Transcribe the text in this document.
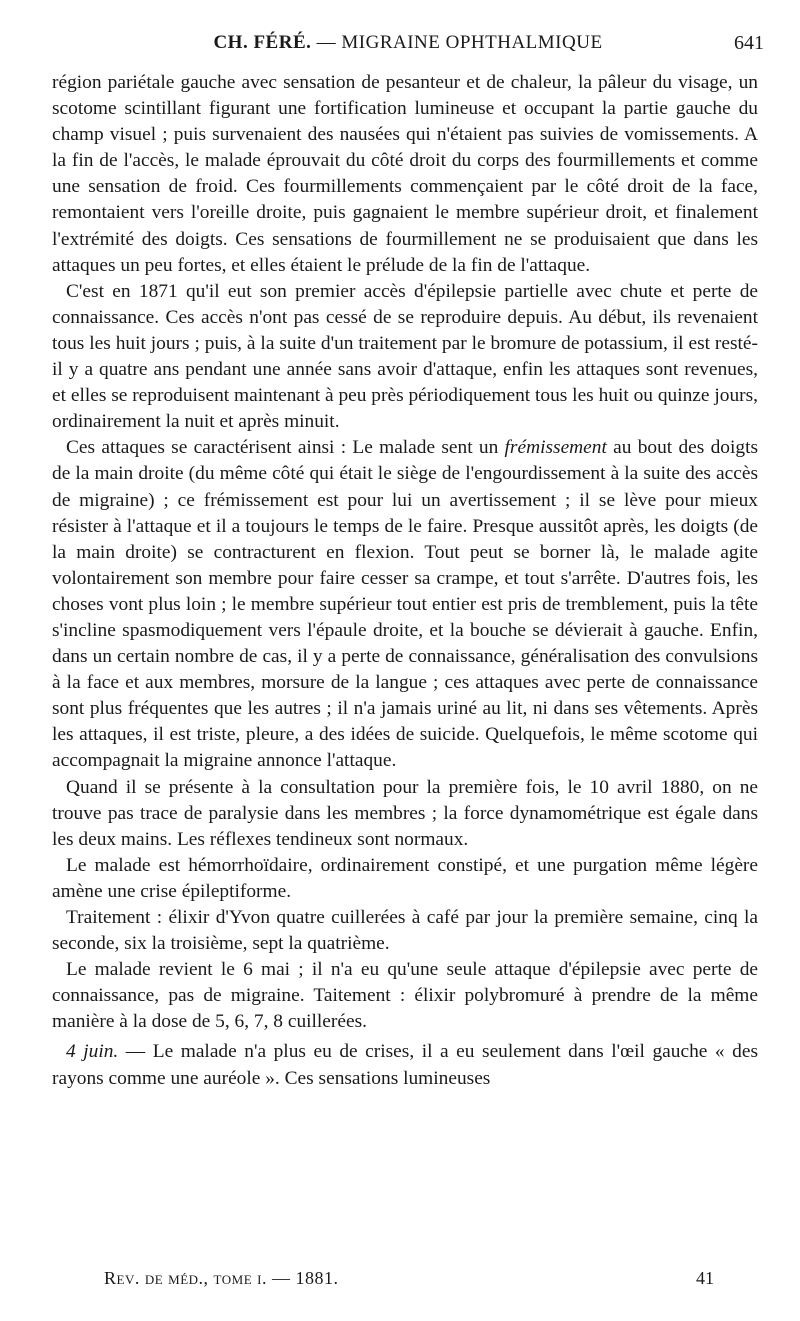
CH. FÉRÉ. — MIGRAINE OPHTHALMIQUE	641

région pariétale gauche avec sensation de pesanteur et de chaleur, la pâleur du visage, un scotome scintillant figurant une fortification lumineuse et occupant la partie gauche du champ visuel ; puis survenaient des nausées qui n'étaient pas suivies de vomissements. A la fin de l'accès, le malade éprouvait du côté droit du corps des fourmillements et comme une sensation de froid. Ces fourmillements commençaient par le côté droit de la face, remontaient vers l'oreille droite, puis gagnaient le membre supérieur droit, et finalement l'extrémité des doigts. Ces sensations de fourmillement ne se produisaient que dans les attaques un peu fortes, et elles étaient le prélude de la fin de l'attaque.

C'est en 1871 qu'il eut son premier accès d'épilepsie partielle avec chute et perte de connaissance. Ces accès n'ont pas cessé de se reproduire depuis. Au début, ils revenaient tous les huit jours ; puis, à la suite d'un traitement par le bromure de potassium, il est resté-il y a quatre ans pendant une année sans avoir d'attaque, enfin les attaques sont revenues, et elles se reproduisent maintenant à peu près périodiquement tous les huit ou quinze jours, ordinairement la nuit et après minuit.

Ces attaques se caractérisent ainsi : Le malade sent un frémissement au bout des doigts de la main droite (du même côté qui était le siège de l'engourdissement à la suite des accès de migraine) ; ce frémissement est pour lui un avertissement ; il se lève pour mieux résister à l'attaque et il a toujours le temps de le faire. Presque aussitôt après, les doigts (de la main droite) se contracturent en flexion. Tout peut se borner là, le malade agite volontairement son membre pour faire cesser sa crampe, et tout s'arrête. D'autres fois, les choses vont plus loin ; le membre supérieur tout entier est pris de tremblement, puis la tête s'incline spasmodiquement vers l'épaule droite, et la bouche se dévierait à gauche. Enfin, dans un certain nombre de cas, il y a perte de connaissance, généralisation des convulsions à la face et aux membres, morsure de la langue ; ces attaques avec perte de connaissance sont plus fréquentes que les autres ; il n'a jamais uriné au lit, ni dans ses vêtements. Après les attaques, il est triste, pleure, a des idées de suicide. Quelquefois, le même scotome qui accompagnait la migraine annonce l'attaque.

Quand il se présente à la consultation pour la première fois, le 10 avril 1880, on ne trouve pas trace de paralysie dans les membres ; la force dynamométrique est égale dans les deux mains. Les réflexes tendineux sont normaux.

Le malade est hémorrhoïdaire, ordinairement constipé, et une purgation même légère amène une crise épileptiforme.

Traitement : élixir d'Yvon quatre cuillerées à café par jour la première semaine, cinq la seconde, six la troisième, sept la quatrième.

Le malade revient le 6 mai ; il n'a eu qu'une seule attaque d'épilepsie avec perte de connaissance, pas de migraine. Taitement : élixir polybromuré à prendre de la même manière à la dose de 5, 6, 7, 8 cuillerées.

4 juin. — Le malade n'a plus eu de crises, il a eu seulement dans l'œil gauche « des rayons comme une auréole ». Ces sensations lumineuses

Rev. de méd., tome i. — 1881.	41
